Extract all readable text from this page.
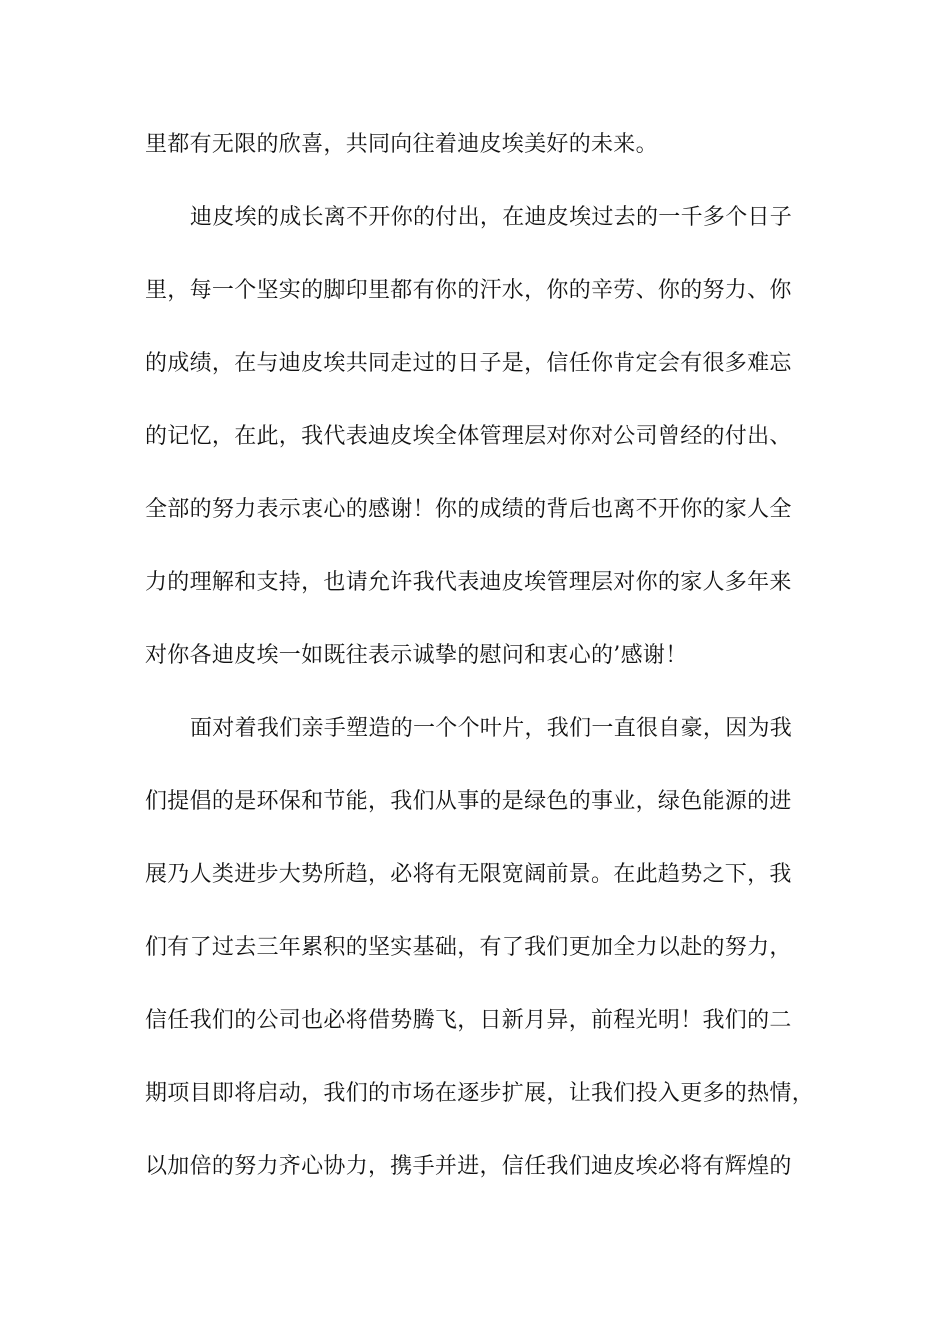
里都有无限的欣喜，共同向往着迪皮埃美好的未来。
迪皮埃的成长离不开你的付出，在迪皮埃过去的一千多个日子
里，每一个坚实的脚印里都有你的汗水，你的辛劳、你的努力、你
的成绩，在与迪皮埃共同走过的日子是，信任你肯定会有很多难忘
的记忆，在此，我代表迪皮埃全体管理层对你对公司曾经的付出、
全部的努力表示衷心的感谢！你的成绩的背后也离不开你的家人全
力的理解和支持，也请允许我代表迪皮埃管理层对你的家人多年来
对你各迪皮埃一如既往表示诚挚的慰问和衷心的’感谢！
面对着我们亲手塑造的一个个叶片，我们一直很自豪，因为我
们提倡的是环保和节能，我们从事的是绿色的事业，绿色能源的进
展乃人类进步大势所趋，必将有无限宽阔前景。在此趋势之下，我
们有了过去三年累积的坚实基础，有了我们更加全力以赴的努力，
信任我们的公司也必将借势腾飞，日新月异，前程光明！我们的二
期项目即将启动，我们的市场在逐步扩展，让我们投入更多的热情，
以加倍的努力齐心协力，携手并进，信任我们迪皮埃必将有辉煌的
